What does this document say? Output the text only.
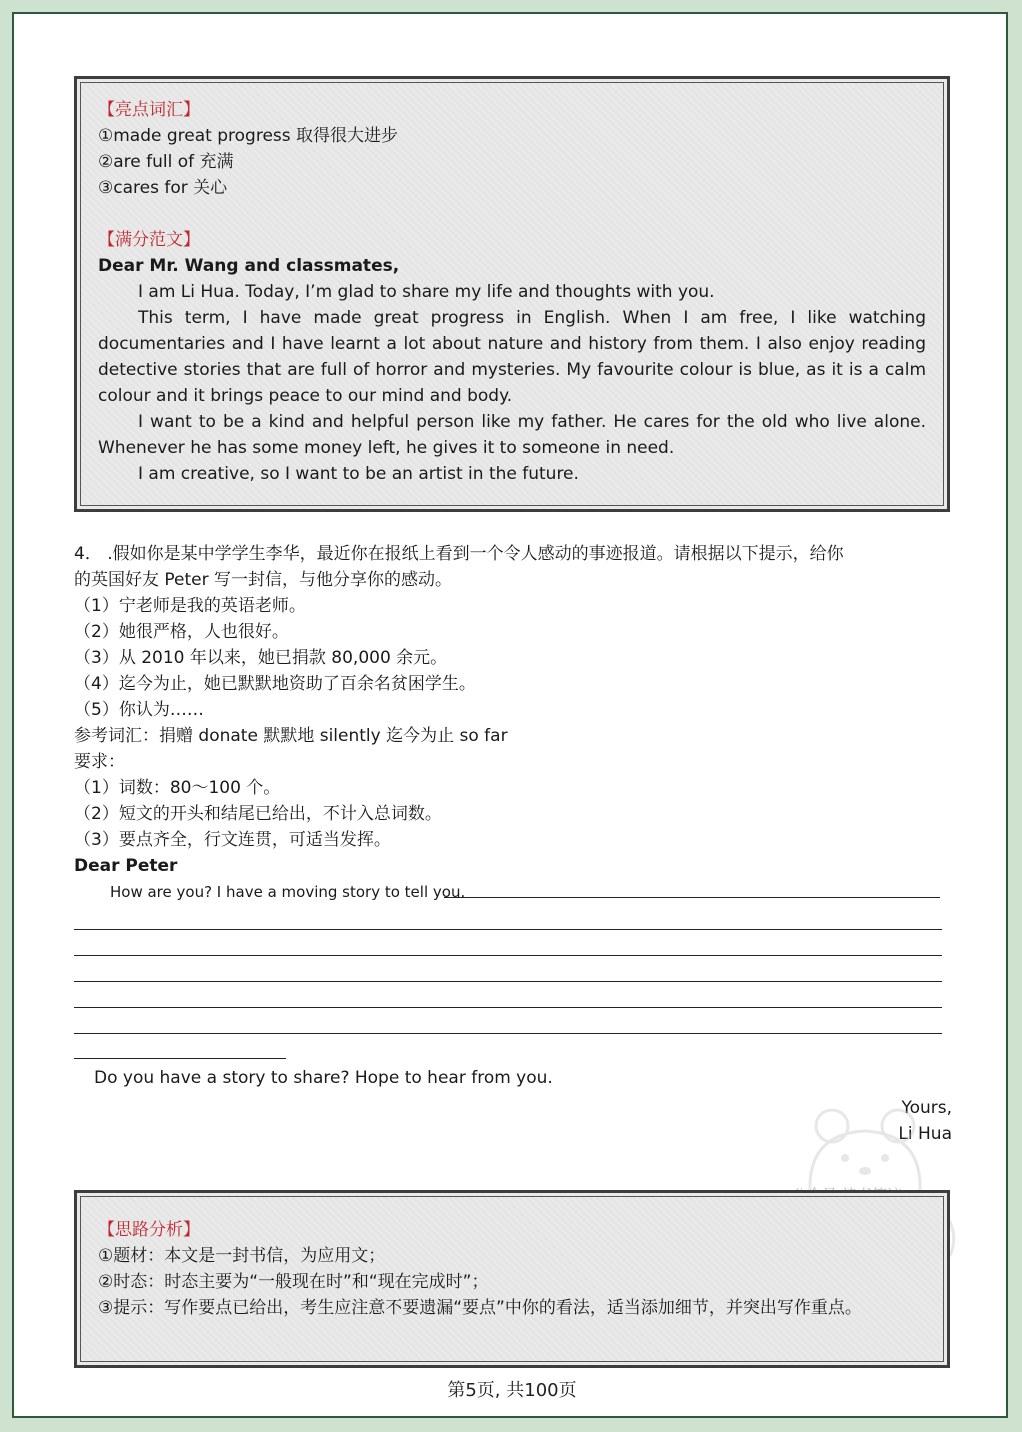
【亮点词汇】
①made great progress 取得很大进步
②are full of 充满
③cares for 关心
【满分范文】
Dear Mr. Wang and classmates,
I am Li Hua. Today, I’m glad to share my life and thoughts with you.
This term, I have made great progress in English. When I am free, I like watching documentaries and I have learnt a lot about nature and history from them. I also enjoy reading detective stories that are full of horror and mysteries. My favourite colour is blue, as it is a calm colour and it brings peace to our mind and body.
I want to be a kind and helpful person like my father. He cares for the old who live alone. Whenever he has some money left, he gives it to someone in need.
I am creative, so I want to be an artist in the future.
4． .假如你是某中学学生李华，最近你在报纸上看到一个令人感动的事迹报道。请根据以下提示，给你
的英国好友 Peter 写一封信，与他分享你的感动。
（1）宁老师是我的英语老师。
（2）她很严格，人也很好。
（3）从 2010 年以来，她已捐款 80,000 余元。
（4）迄今为止，她已默默地资助了百余名贫困学生。
（5）你认为……
参考词汇：捐赠 donate 默默地 silently 迄今为止 so far
要求：
（1）词数：80～100 个。
（2）短文的开头和结尾已给出，不计入总词数。
（3）要点齐全，行文连贯，可适当发挥。
Dear Peter
How are you? I have a moving story to tell you.
Do you have a story to share? Hope to hear from you.
Yours,
Li Hua
【思路分析】
①题材：本文是一封书信，为应用文；
②时态：时态主要为“一般现在时”和“现在完成时”；
③提示：写作要点已给出，考生应注意不要遗漏“要点”中你的看法，适当添加细节，并突出写作重点。
第5页, 共100页
